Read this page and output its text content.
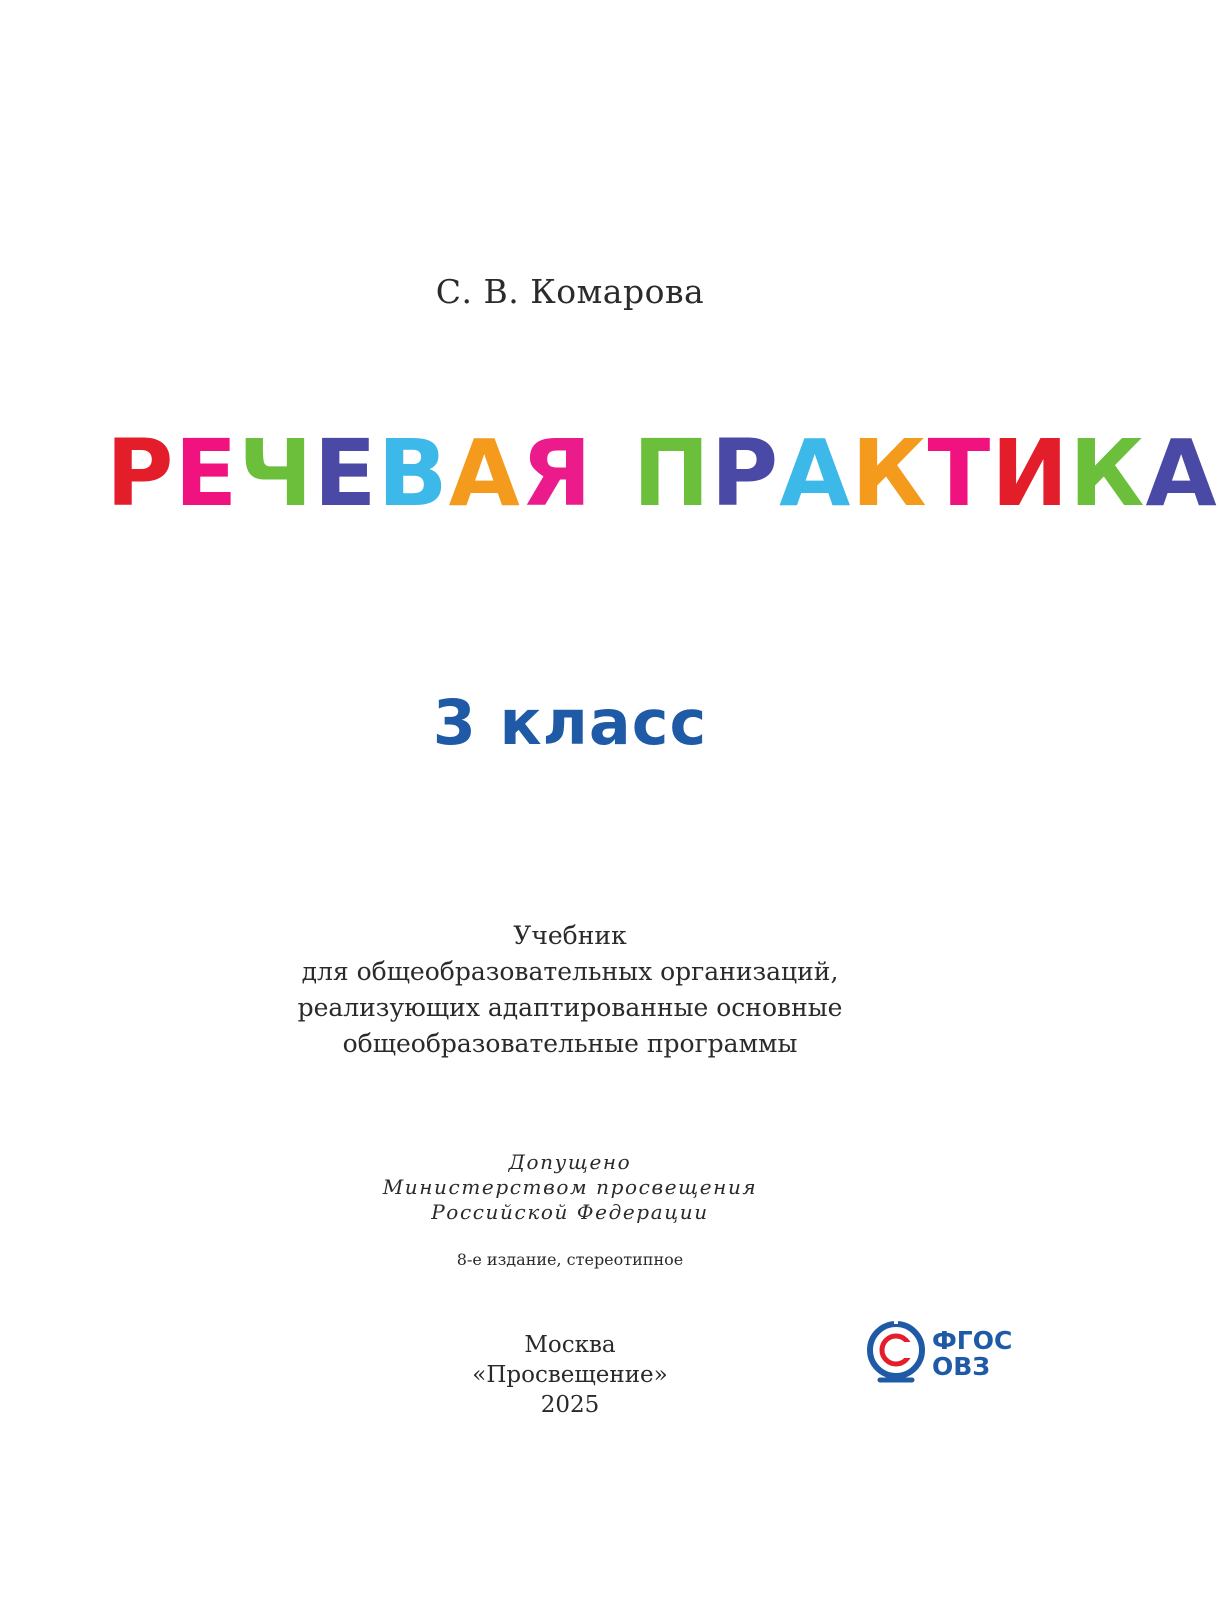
С. В. Комарова
РЕЧЕВАЯ ПРАКТИКА
3 класс
Учебник
для общеобразовательных организаций,
реализующих адаптированные основные
общеобразовательные программы
Допущено
Министерством просвещения
Российской Федерации
8-е издание, стереотипное
Москва
«Просвещение»
2025
ФГОС
ОВЗ
